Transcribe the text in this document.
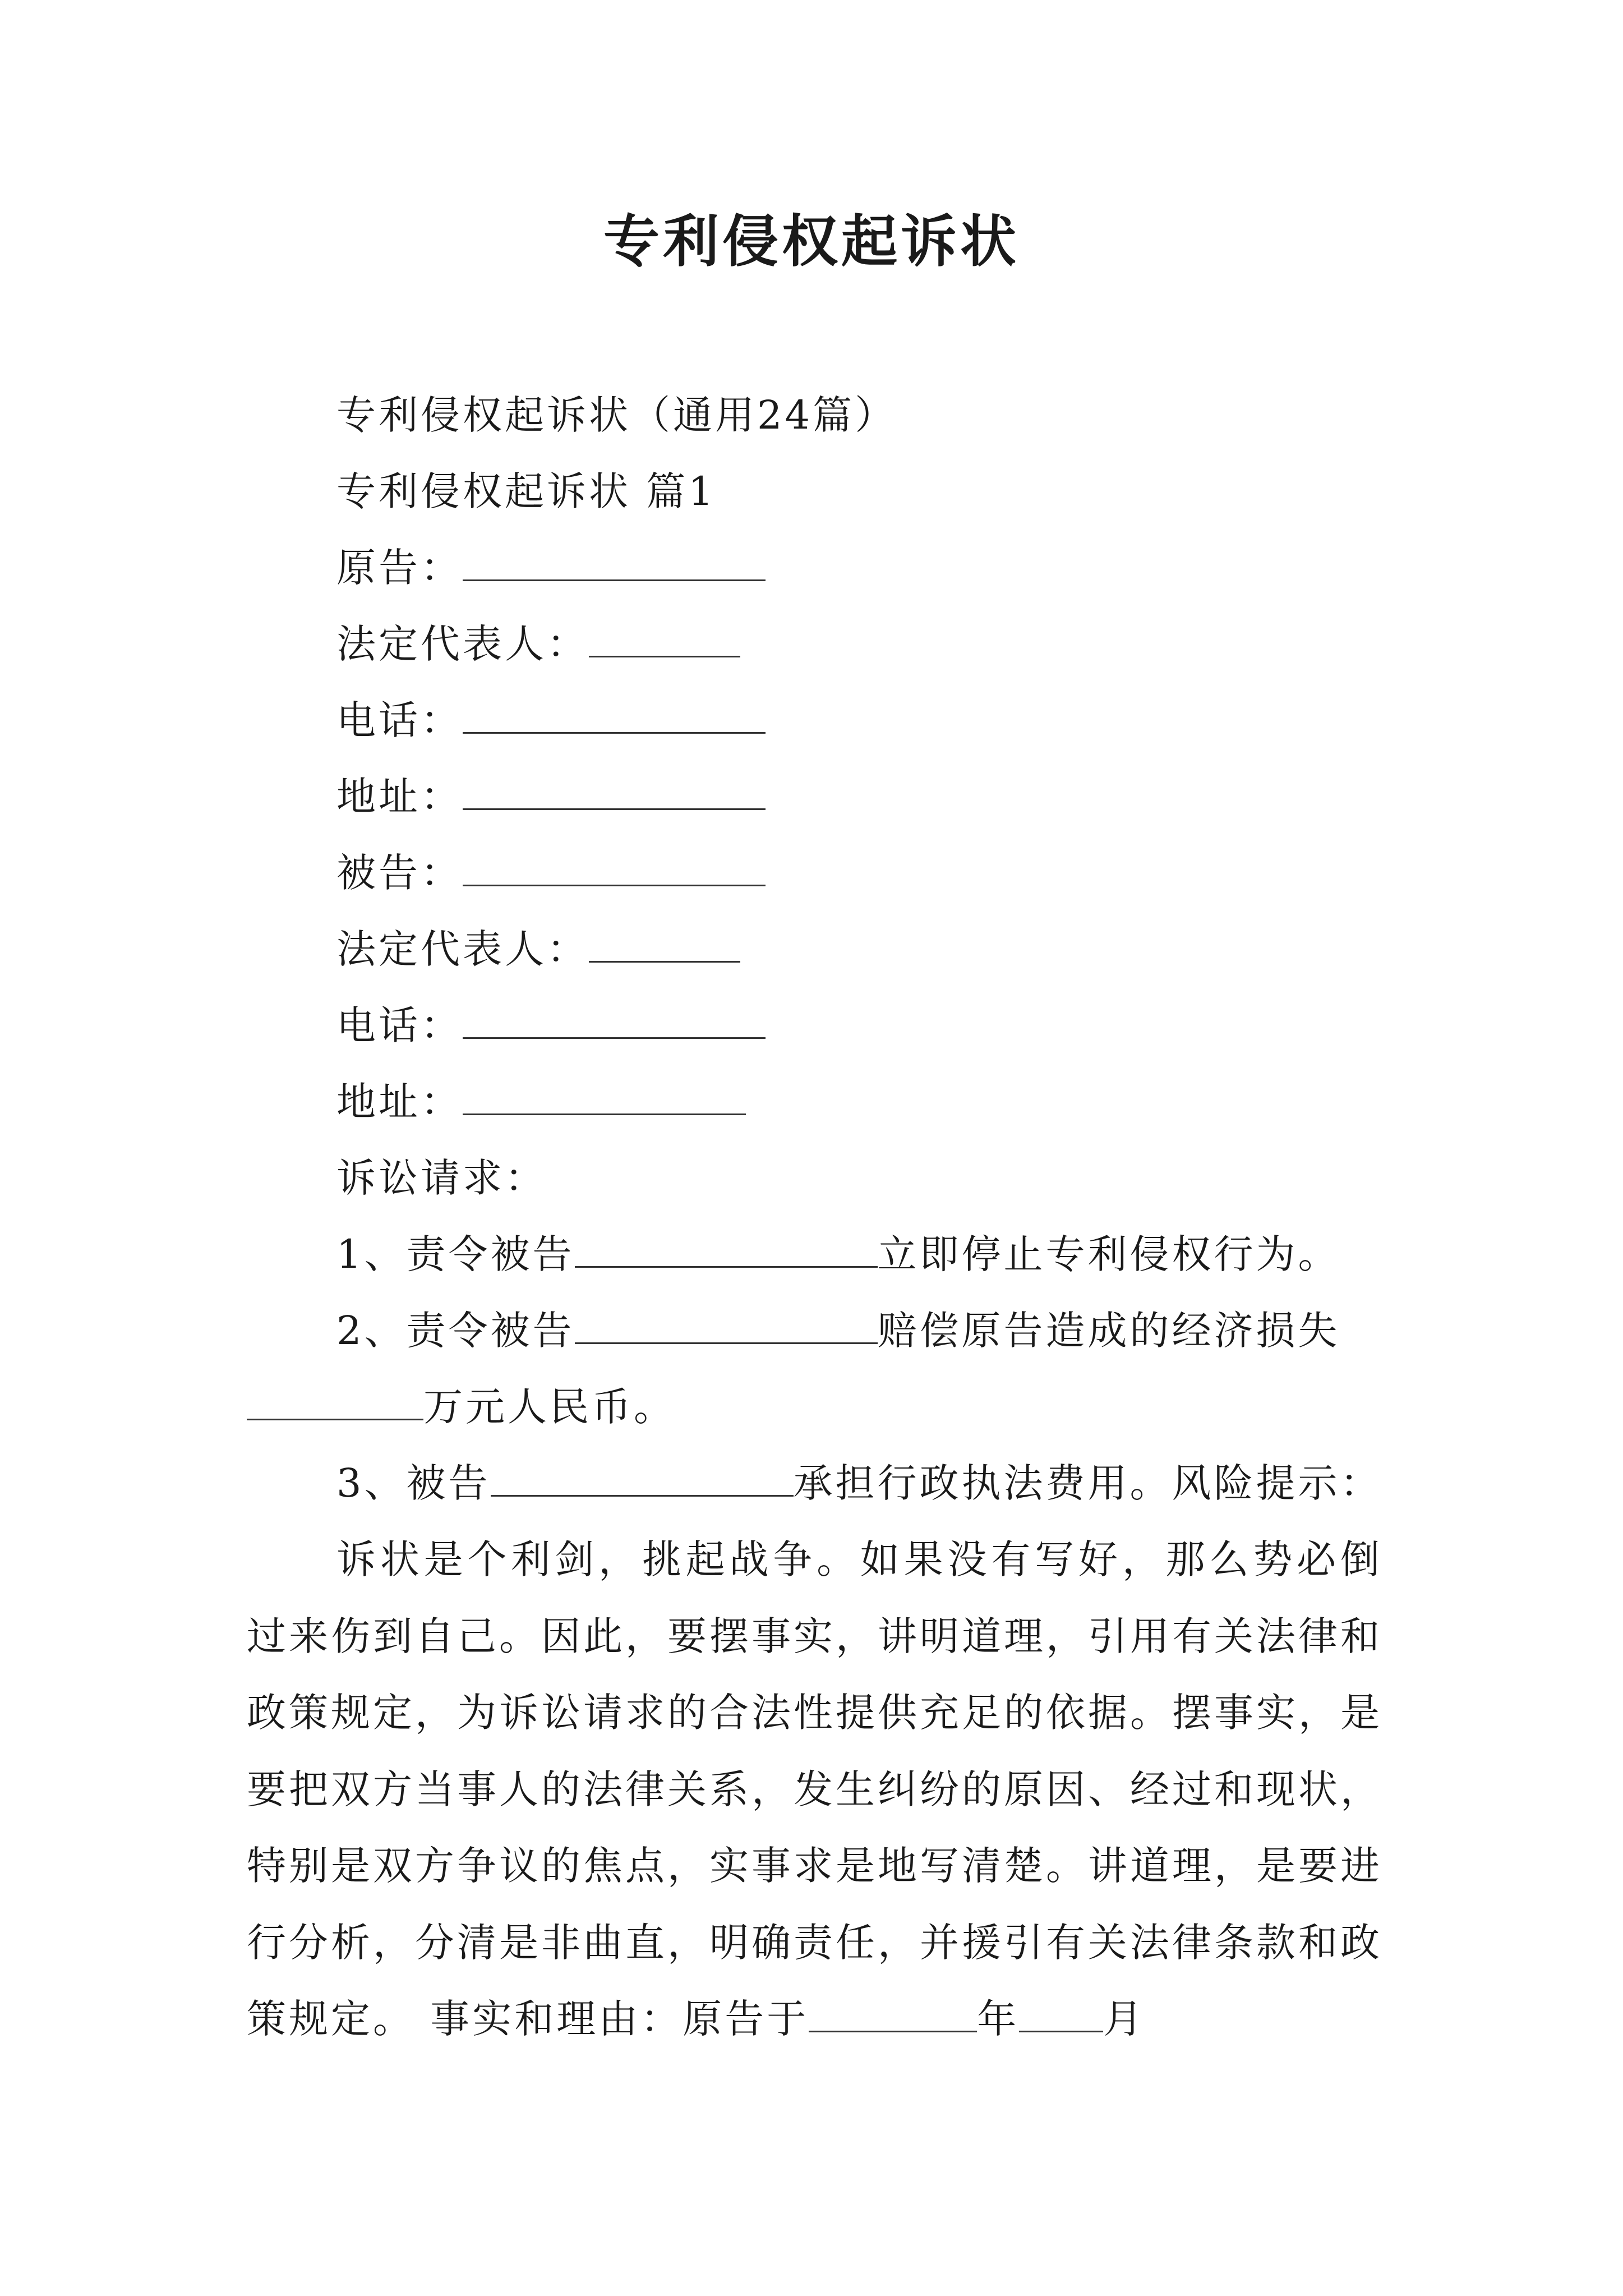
专利侵权起诉状
专利侵权起诉状（通用24篇）
专利侵权起诉状 篇1
原告：
法定代表人：
电话：
地址：
被告：
法定代表人：
电话：
地址：
诉讼请求：
1、责令被告	立即停止专利侵权行为。
2、责令被告	赔偿原告造成的经济损失
万元人民币。
3、被告	承担行政执法费用。风险提示：

诉状是个利剑，挑起战争。如果没有写好，那么势必倒过来伤到自己。因此，要摆事实，讲明道理，引用有关法律和政策规定，为诉讼请求的合法性提供充足的依据。摆事实，是要把双方当事人的法律关系，发生纠纷的原因、经过和现状，特别是双方争议的焦点，实事求是地写清楚。讲道理，是要进行分析，分清是非曲直，明确责任，并援引有关法律条款和政策规定。 事实和理由：原告于	年 月
